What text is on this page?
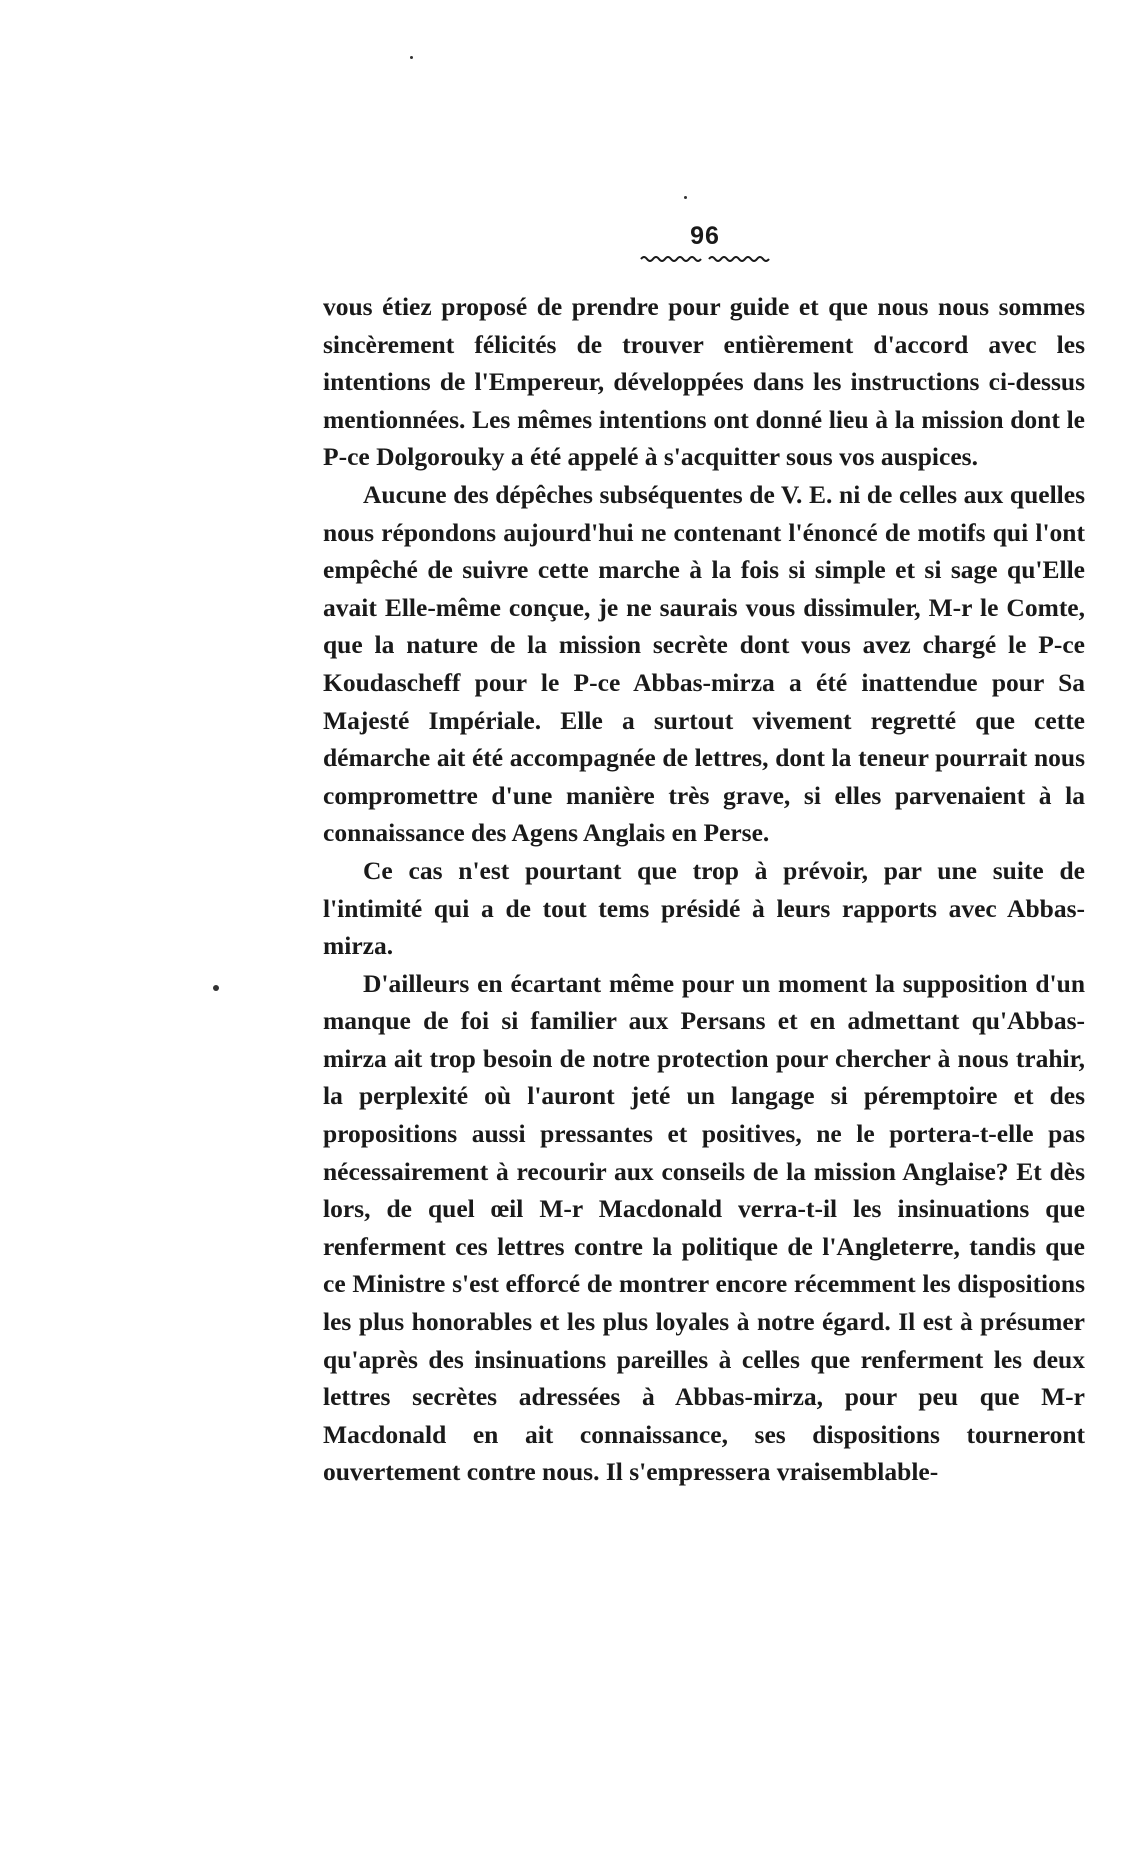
96

vous étiez proposé de prendre pour guide et que nous nous sommes sincèrement félicités de trouver entièrement d'accord avec les intentions de l'Empereur, développées dans les instructions ci-dessus mentionnées. Les mêmes intentions ont donné lieu à la mission dont le P-ce Dolgorouky a été appelé à s'acquitter sous vos auspices.

Aucune des dépêches subséquentes de V. E. ni de celles aux quelles nous répondons aujourd'hui ne contenant l'énoncé de motifs qui l'ont empêché de suivre cette marche à la fois si simple et si sage qu'Elle avait Elle-même conçue, je ne saurais vous dissimuler, M-r le Comte, que la nature de la mission secrète dont vous avez chargé le P-ce Koudascheff pour le P-ce Abbas-mirza a été inattendue pour Sa Majesté Impériale. Elle a surtout vivement regretté que cette démarche ait été accompagnée de lettres, dont la teneur pourrait nous compromettre d'une manière très grave, si elles parvenaient à la connaissance des Agens Anglais en Perse.

Ce cas n'est pourtant que trop à prévoir, par une suite de l'intimité qui a de tout tems présidé à leurs rapports avec Abbas-mirza.

D'ailleurs en écartant même pour un moment la supposition d'un manque de foi si familier aux Persans et en admettant qu'Abbas-mirza ait trop besoin de notre protection pour chercher à nous trahir, la perplexité où l'auront jeté un langage si péremptoire et des propositions aussi pressantes et positives, ne le portera-t-elle pas nécessairement à recourir aux conseils de la mission Anglaise? Et dès lors, de quel œil M-r Macdonald verra-t-il les insinuations que renferment ces lettres contre la politique de l'Angleterre, tandis que ce Ministre s'est efforcé de montrer encore récemment les dispositions les plus honorables et les plus loyales à notre égard. Il est à présumer qu'après des insinuations pareilles à celles que renferment les deux lettres secrètes adressées à Abbas-mirza, pour peu que M-r Macdonald en ait connaissance, ses dispositions tourneront ouvertement contre nous. Il s'empressera vraisemblable-
